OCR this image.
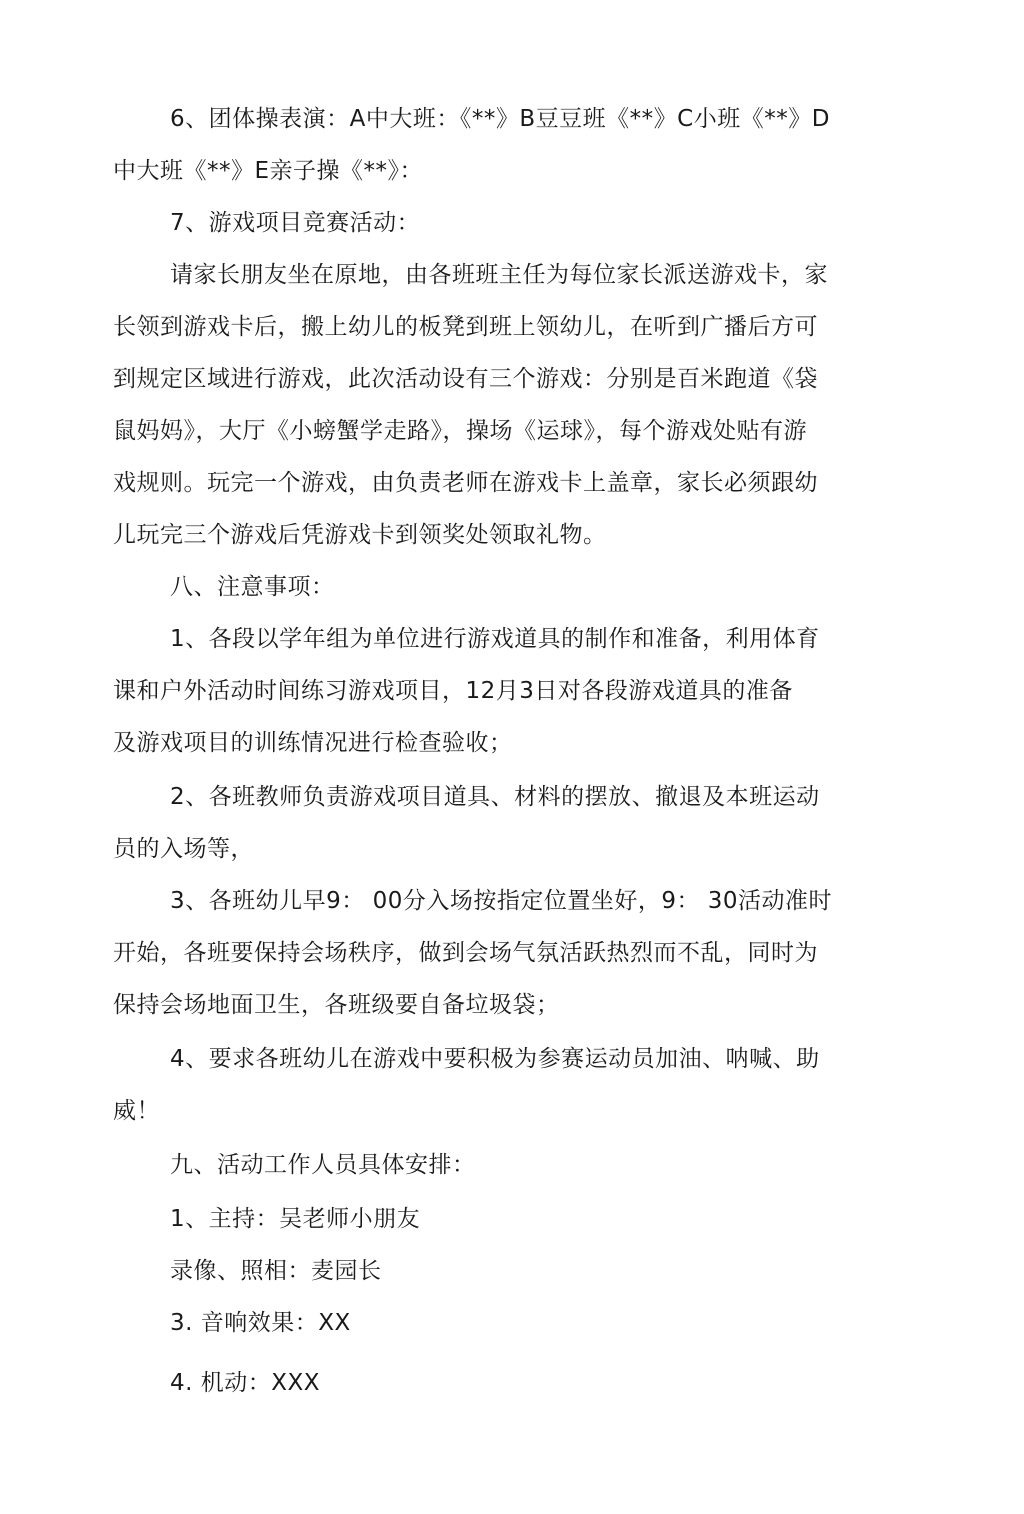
6、团体操表演：A中大班：《**》B豆豆班《**》C小班《**》D
中大班《**》E亲子操《**》：
7、游戏项目竞赛活动：
请家长朋友坐在原地，由各班班主任为每位家长派送游戏卡，家
长领到游戏卡后，搬上幼儿的板凳到班上领幼儿，在听到广播后方可
到规定区域进行游戏，此次活动设有三个游戏：分别是百米跑道《袋
鼠妈妈》，大厅《小螃蟹学走路》，操场《运球》，每个游戏处贴有游
戏规则。玩完一个游戏，由负责老师在游戏卡上盖章，家长必须跟幼
儿玩完三个游戏后凭游戏卡到领奖处领取礼物。
八、注意事项：
1、各段以学年组为单位进行游戏道具的制作和准备，利用体育
课和户外活动时间练习游戏项目，12月3日对各段游戏道具的准备
及游戏项目的训练情况进行检查验收；
2、各班教师负责游戏项目道具、材料的摆放、撤退及本班运动
员的入场等，
3、各班幼儿早9： 00分入场按指定位置坐好，9： 30活动准时
开始，各班要保持会场秩序，做到会场气氛活跃热烈而不乱，同时为
保持会场地面卫生，各班级要自备垃圾袋；
4、要求各班幼儿在游戏中要积极为参赛运动员加油、呐喊、助
威！
九、活动工作人员具体安排：
1、主持：吴老师小朋友
录像、照相：麦园长
3. 音响效果：XX
4. 机动：XXX
